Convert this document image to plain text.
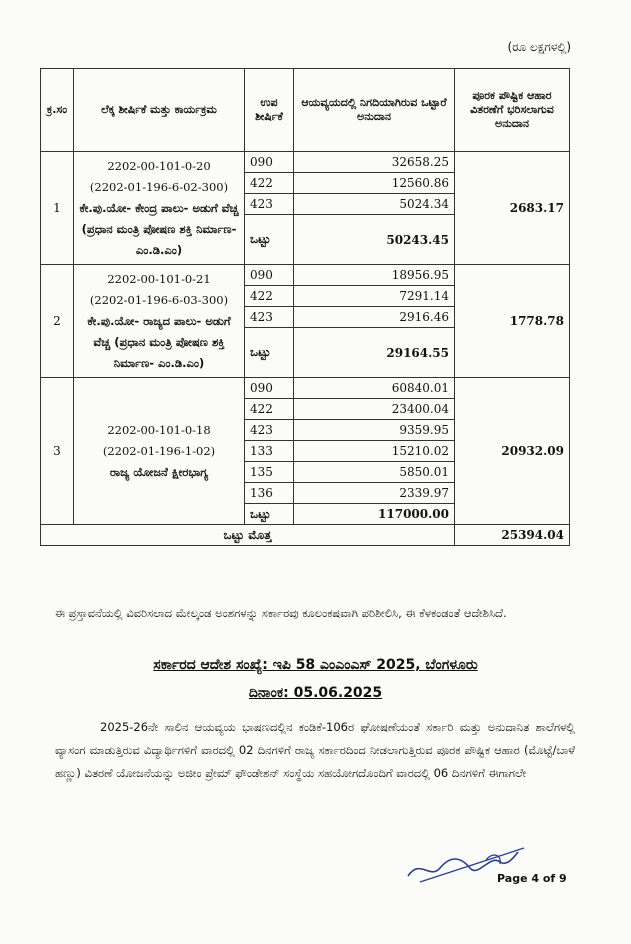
(ರೂ ಲಕ್ಷಗಳಲ್ಲಿ)
ಕ್ರ.ಸಂ	ಲೆಕ್ಕ ಶೀರ್ಷಿಕೆ ಮತ್ತು ಕಾರ್ಯಕ್ರಮ	ಉಪ ಶೀರ್ಷಿಕೆ	ಆಯವ್ಯಯದಲ್ಲಿ ನಿಗದಿಯಾಗಿರುವ ಒಟ್ಟಾರೆ ಅನುದಾನ	ಪೂರಕ ಪೌಷ್ಟಿಕ ಆಹಾರ ವಿತರಣೆಗೆ ಭರಿಸಲಾಗುವ ಅನುದಾನ
1	2202-00-101-0-20
(2202-01-196-6-02-300)
ಕೇ.ಪು.ಯೋ- ಕೇಂದ್ರ ಪಾಲು- ಅಡುಗೆ ವೆಚ್ಚ (ಪ್ರಧಾನ ಮಂತ್ರಿ ಪೋಷಣ ಶಕ್ತಿ ನಿರ್ಮಾಣ- ಎಂ.ಡಿ.ಎಂ)	090	32658.25	2683.17
		422	12560.86	
		423	5024.34	
		ಒಟ್ಟು	50243.45	

2	2202-00-101-0-21
(2202-01-196-6-03-300)
ಕೇ.ಪು.ಯೋ- ರಾಜ್ಯದ ಪಾಲು- ಅಡುಗೆ ವೆಚ್ಚ (ಪ್ರಧಾನ ಮಂತ್ರಿ ಪೋಷಣ ಶಕ್ತಿ ನಿರ್ಮಾಣ- ಎಂ.ಡಿ.ಎಂ)	090	18956.95	1778.78
		422	7291.14	
		423	2916.46	
		ಒಟ್ಟು	29164.55	

3	2202-00-101-0-18
(2202-01-196-1-02)
ರಾಜ್ಯ ಯೋಜನೆ ಕ್ಷೀರಭಾಗ್ಯ	090	60840.01	20932.09
		422	23400.04	
		423	9359.95	
		133	15210.02	
		135	5850.01	
		136	2339.97	
		ಒಟ್ಟು	117000.00	
ಒಟ್ಟು ಮೊತ್ತ				25394.04
ಈ ಪ್ರಸ್ತಾವನೆಯಲ್ಲಿ ವಿವರಿಸಲಾದ ಮೇಲ್ಕಂಡ ಅಂಶಗಳನ್ನು ಸರ್ಕಾರವು ಕೂಲಂಕಷವಾಗಿ ಪರಿಶೀಲಿಸಿ, ಈ ಕೆಳಕಂಡಂತೆ ಆದೇಶಿಸಿದೆ.
ಸರ್ಕಾರದ ಆದೇಶ ಸಂಖ್ಯೆ: ಇಪಿ 58 ಎಂಎಂಎಸ್ 2025, ಬೆಂಗಳೂರು
ದಿನಾಂಕ: 05.06.2025
2025-26ನೇ ಸಾಲಿನ ಆಯವ್ಯಯ ಭಾಷಣದಲ್ಲಿನ ಕಂಡಿಕೆ-106ರ ಘೋಷಣೆಯಂತೆ ಸರ್ಕಾರಿ ಮತ್ತು ಅನುದಾನಿತ ಶಾಲೆಗಳಲ್ಲಿ ವ್ಯಾಸಂಗ ಮಾಡುತ್ತಿರುವ ವಿದ್ಯಾರ್ಥಿಗಳಿಗೆ ವಾರದಲ್ಲಿ 02 ದಿನಗಳಿಗೆ ರಾಜ್ಯ ಸರ್ಕಾರದಿಂದ ನೀಡಲಾಗುತ್ತಿರುವ ಪೂರಕ ಪೌಷ್ಟಿಕ ಆಹಾರ (ಮೊಟ್ಟೆ/ಬಾಳೆ ಹಣ್ಣು) ವಿತರಣೆ ಯೋಜನೆಯನ್ನು ಅಜೀಂ ಪ್ರೇಮ್ ಫೌಂಡೇಶನ್ ಸಂಸ್ಥೆಯ ಸಹಯೋಗದೊಂದಿಗೆ ವಾರದಲ್ಲಿ 06 ದಿನಗಳಿಗೆ ಈಗಾಗಲೇ
Page 4 of 9
